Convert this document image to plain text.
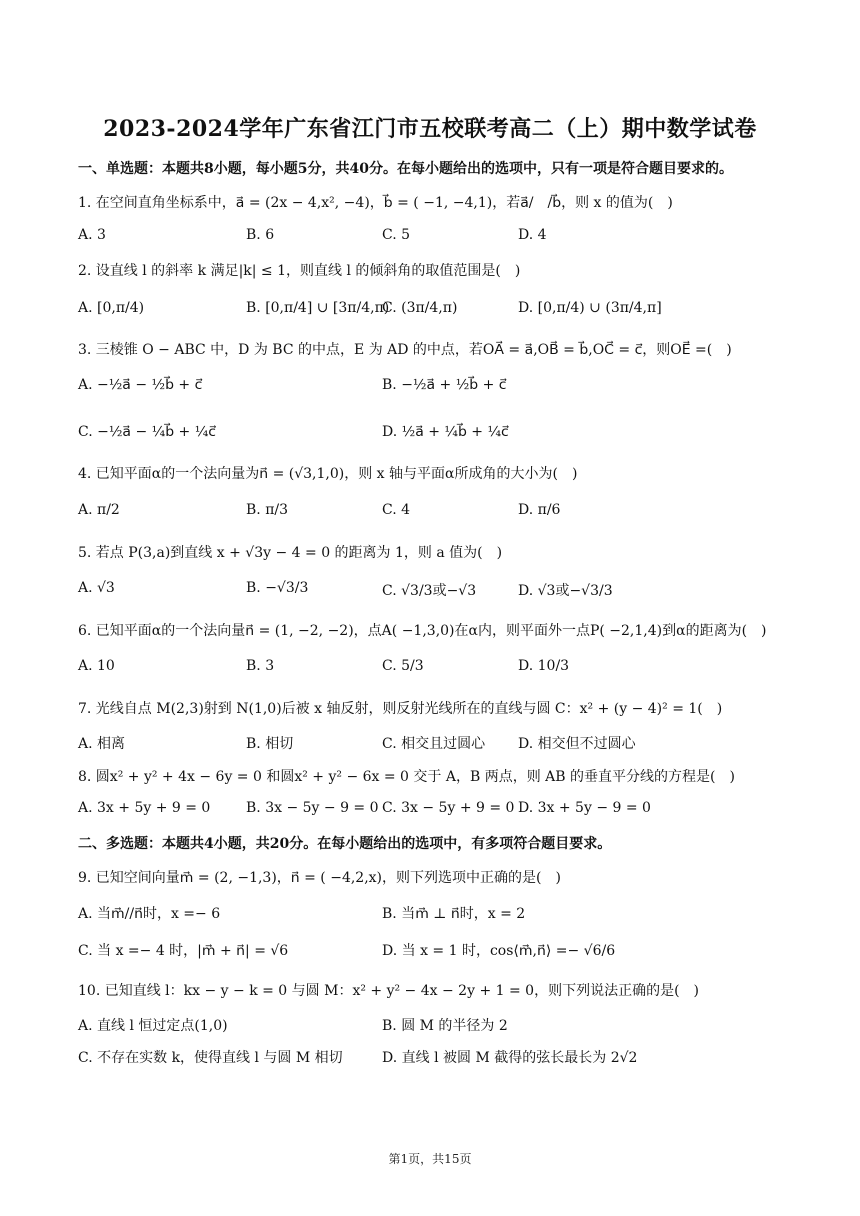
2023-2024学年广东省江门市五校联考高二（上）期中数学试卷
一、单选题：本题共8小题，每小题5分，共40分。在每小题给出的选项中，只有一项是符合题目要求的。
1. 在空间直角坐标系中，a⃗ = (2x − 4,x², −4)，b⃗ = ( −1, −4,1)，若a⃗/　/b⃗，则 x 的值为(　)
A. 3	B. 6	C. 5	D. 4
2. 设直线 l 的斜率 k 满足|k| ≤ 1，则直线 l 的倾斜角的取值范围是(　)
A. [0,π/4)	B. [0,π/4] ∪ [3π/4,π)
C. (3π/4,π)	D. [0,π/4) ∪ (3π/4,π]
3. 三棱锥 O − ABC 中，D 为 BC 的中点，E 为 AD 的中点，若OA⃗ = a⃗,OB⃗ = b⃗,OC⃗ = c⃗，则OE⃗ =(　)
A. −½a⃗ − ½b⃗ + c⃗	B. −½a⃗ + ½b⃗ + c⃗
C. −½a⃗ − ¼b⃗ + ¼c⃗	D. ½a⃗ + ¼b⃗ + ¼c⃗
4. 已知平面α的一个法向量为n⃗ = (√3,1,0)，则 x 轴与平面α所成角的大小为(　)
A. π/2	B. π/3	C. 4	D. π/6
5. 若点 P(3,a)到直线 x + √3y − 4 = 0 的距离为 1，则 a 值为(　)
A. √3	B. −√3/3	C. √3/3或−√3	D. √3或−√3/3
6. 已知平面α的一个法向量n⃗ = (1, −2, −2)，点A( −1,3,0)在α内，则平面外一点P( −2,1,4)到α的距离为(　)
A. 10	B. 3	C. 5/3	D. 10/3
7. 光线自点 M(2,3)射到 N(1,0)后被 x 轴反射，则反射光线所在的直线与圆 C：x² + (y − 4)² = 1(　)
A. 相离	B. 相切	C. 相交且过圆心 D. 相交但不过圆心
8. 圆x² + y² + 4x − 6y = 0 和圆x² + y² − 6x = 0 交于 A，B 两点，则 AB 的垂直平分线的方程是(　)
A. 3x + 5y + 9 = 0	B. 3x − 5y − 9 = 0 C. 3x − 5y + 9 = 0 D. 3x + 5y − 9 = 0
二、多选题：本题共4小题，共20分。在每小题给出的选项中，有多项符合题目要求。
9. 已知空间向量m⃗ = (2, −1,3)，n⃗ = ( −4,2,x)，则下列选项中正确的是(　)
A. 当m⃗//n⃗时，x =− 6	B. 当m⃗ ⊥ n⃗时，x = 2
C. 当 x =− 4 时，|m⃗ + n⃗| = √6	D. 当 x = 1 时，cos⟨m⃗,n⃗⟩ =− √6/6
10. 已知直线 l：kx − y − k = 0 与圆 M：x² + y² − 4x − 2y + 1 = 0，则下列说法正确的是(　)
A. 直线 l 恒过定点(1,0)	B. 圆 M 的半径为 2
C. 不存在实数 k，使得直线 l 与圆 M 相切	D. 直线 l 被圆 M 截得的弦长最长为 2√2
第1页，共15页
